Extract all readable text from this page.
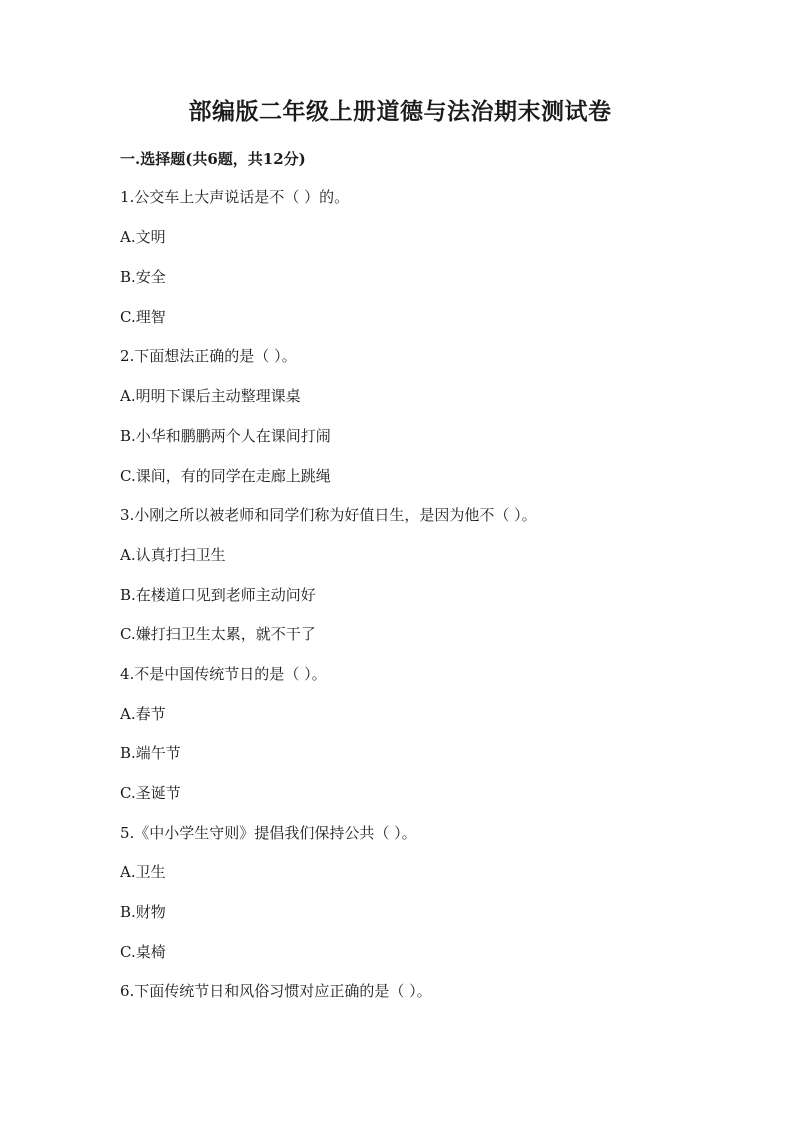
部编版二年级上册道德与法治期末测试卷
一.选择题(共6题，共12分)
1.公交车上大声说话是不（ ）的。
A.文明
B.安全
C.理智
2.下面想法正确的是（ ）。
A.明明下课后主动整理课桌
B.小华和鹏鹏两个人在课间打闹
C.课间，有的同学在走廊上跳绳
3.小刚之所以被老师和同学们称为好值日生，是因为他不（ ）。
A.认真打扫卫生
B.在楼道口见到老师主动问好
C.嫌打扫卫生太累，就不干了
4.不是中国传统节日的是（ ）。
A.春节
B.端午节
C.圣诞节
5.《中小学生守则》提倡我们保持公共（ ）。
A.卫生
B.财物
C.桌椅
6.下面传统节日和风俗习惯对应正确的是（ ）。
